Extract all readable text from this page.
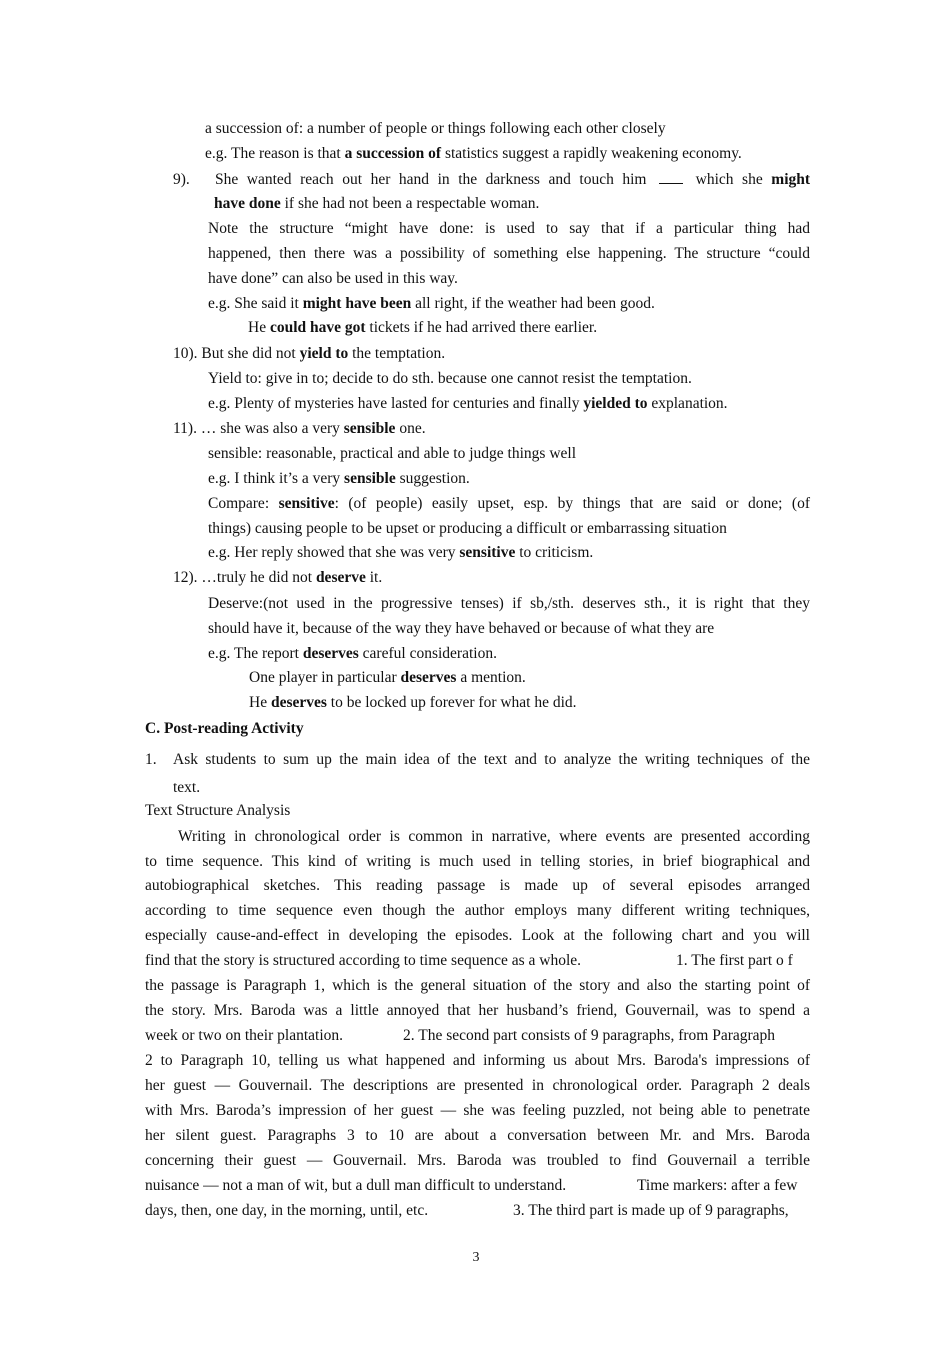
a succession of: a number of people or things following each other closely
e.g. The reason is that a succession of statistics suggest a rapidly weakening economy.
9). She wanted reach out her hand in the darkness and touch him	which she might
have done if she had not been a respectable woman.
Note the structure “might have done: is used to say that if a particular thing had
happened, then there was a possibility of something else happening. The structure “could
have done” can also be used in this way.
e.g. She said it might have been all right, if the weather had been good.
He could have got tickets if he had arrived there earlier.
10). But she did not yield to the temptation.
Yield to: give in to; decide to do sth. because one cannot resist the temptation.
e.g. Plenty of mysteries have lasted for centuries and finally yielded to explanation.
11). … she was also a very sensible one.
sensible: reasonable, practical and able to judge things well
e.g. I think it’s a very sensible suggestion.
Compare: sensitive: (of people) easily upset, esp. by things that are said or done; (of
things) causing people to be upset or producing a difficult or embarrassing situation
e.g. Her reply showed that she was very sensitive to criticism.
12). …truly he did not deserve it.
Deserve:(not used in the progressive tenses) if sb,/sth. deserves sth., it is right that they
should have it, because of the way they have behaved or because of what they are
e.g. The report deserves careful consideration.
One player in particular deserves a mention.
He deserves to be locked up forever for what he did.
C. Post-reading Activity
1. Ask students to sum up the main idea of the text and to analyze the writing techniques of the
text.
Text Structure Analysis
Writing in chronological order is common in narrative, where events are presented according
to time sequence. This kind of writing is much used in telling stories, in brief biographical and
autobiographical sketches. This reading passage is made up of several episodes arranged
according to time sequence even though the author employs many different writing techniques,
especially cause-and-effect in developing the episodes. Look at the following chart and you will
find that the story is structured according to time sequence as a whole.	1. The first part o f
the passage is Paragraph 1, which is the general situation of the story and also the starting point of
the story. Mrs. Baroda was a little annoyed that her husband’s friend, Gouvernail, was to spend a
week or two on their plantation.	2. The second part consists of 9 paragraphs, from Paragraph
2 to Paragraph 10, telling us what happened and informing us about Mrs. Baroda's impressions of
her guest — Gouvernail. The descriptions are presented in chronological order. Paragraph 2 deals
with Mrs. Baroda’s impression of her guest — she was feeling puzzled, not being able to penetrate
her silent guest. Paragraphs 3 to 10 are about a conversation between Mr. and Mrs. Baroda
concerning their guest — Gouvernail. Mrs. Baroda was troubled to find Gouvernail a terrible
nuisance — not a man of wit, but a dull man difficult to understand.	Time markers: after a few
days, then, one day, in the morning, until, etc.	3. The third part is made up of 9 paragraphs,
3
